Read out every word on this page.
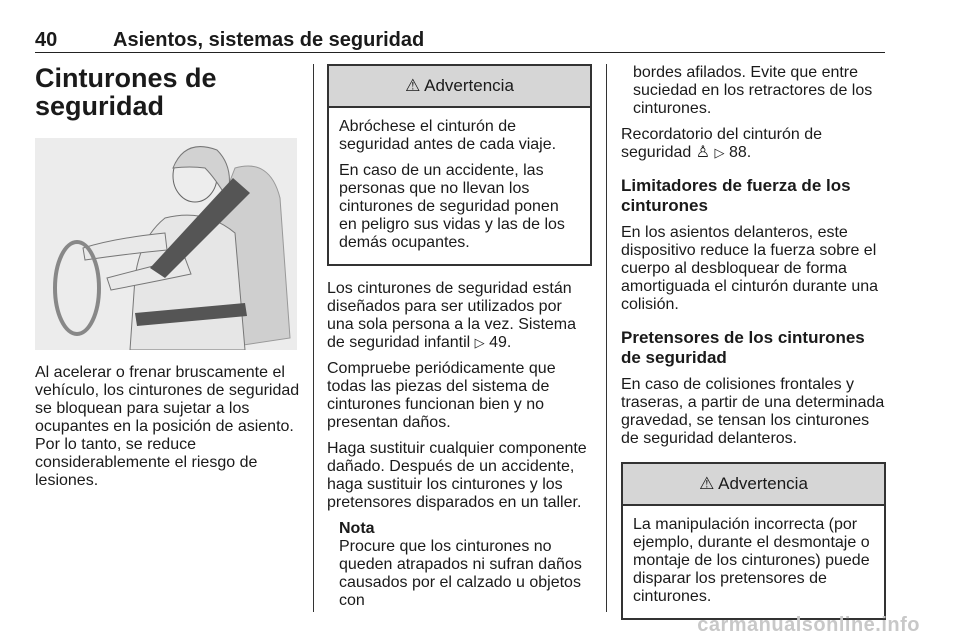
40	Asientos, sistemas de seguridad
Cinturones de
seguridad

Al acelerar o frenar bruscamente el vehículo, los cinturones de seguridad se bloquean para sujetar a los ocupantes en la posición de asiento. Por lo tanto, se reduce considerablemente el riesgo de lesiones.

⚠ Advertencia

Abróchese el cinturón de seguridad antes de cada viaje.

En caso de un accidente, las personas que no llevan los cinturones de seguridad ponen en peligro sus vidas y las de los demás ocupantes.

Los cinturones de seguridad están diseñados para ser utilizados por una sola persona a la vez. Sistema de seguridad infantil ▷ 49.

Compruebe periódicamente que todas las piezas del sistema de cinturones funcionan bien y no presentan daños.

Haga sustituir cualquier componente dañado. Después de un accidente, haga sustituir los cinturones y los pretensores disparados en un taller.

Nota
Procure que los cinturones no queden atrapados ni sufran daños causados por el calzado u objetos con
bordes afilados. Evite que entre suciedad en los retractores de los cinturones.

Recordatorio del cinturón de seguridad ♙ ▷ 88.

Limitadores de fuerza de los cinturones

En los asientos delanteros, este dispositivo reduce la fuerza sobre el cuerpo al desbloquear de forma amortiguada el cinturón durante una colisión.

Pretensores de los cinturones de seguridad

En caso de colisiones frontales y traseras, a partir de una determinada gravedad, se tensan los cinturones de seguridad delanteros.

⚠ Advertencia

La manipulación incorrecta (por ejemplo, durante el desmontaje o montaje de los cinturones) puede disparar los pretensores de cinturones.

carmanualsonline.info
